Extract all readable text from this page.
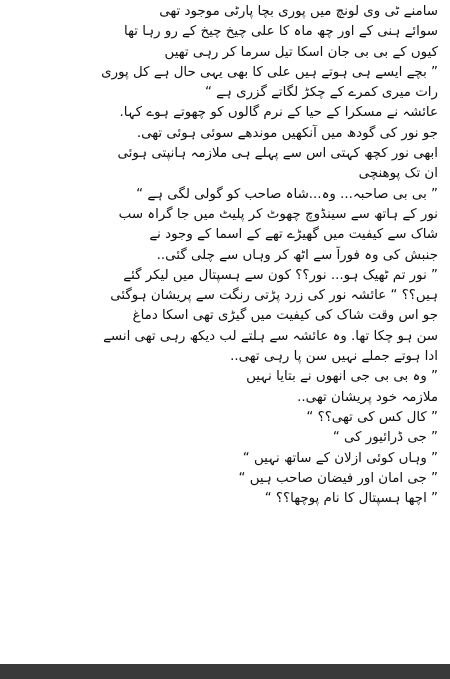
سامنے ٹی وی لونچ میں پوری بچا پارٹی موجود تھی
سوائے ہنی کے اور چھ ماہ کا علی چیخ چیخ کے رو رہا تھا
کیوں کے بی بی جان اسکا تیل سرما کر رہی تھیں
” بچے ایسے ہی ہوتے ہیں علی کا بھی یہی حال ہے کل پوری
رات میری کمرے کے چکڑ لگاتے گزری ہے “
عائشہ نے مسکرا کے حیا کے نرم گالوں کو چھوتے ہوے کہا.
جو نور کی گودھ میں آنکھیں موندھے سوئی ہوئی تھی.
ابھی نور کچھ کہتی اس سے پہلے ہی ملازمہ ہانپتی ہوئی
ان تک پوھنچی
” بی بی صاحبہ... وہ...شاہ صاحب کو گولی لگی ہے “
نور کے ہاتھ سے سینڈوچ چھوٹ کر پلیٹ میں جا گراہ سب
شاک سے کیفیت میں گھیڑے تھے کے اسما کے وجود نے
جنبش کی وہ فوراً سے اٹھ کر وہاں سے چلی گئی..
” نور تم ٹھیک ہو... نور؟؟ کون سے ہسپتال میں لیکر گئے
ہیں؟؟ “ عائشہ نور کی زرد پڑتی رنگت سے پریشان ہوگئی
جو اس وقت شاک کی کیفیت میں گیڑی تھی اسکا دماغ
سن ہو چکا تھا. وہ عائشہ سے ہلتے لب دیکھ رہی تھی انسے
ادا ہوتے جملے نہیں سن پا رہی تھی..
” وہ بی بی جی انھوں نے بتایا نہیں
ملازمہ خود پریشان تھی..
” کال کس کی تھی؟؟ “
” جی ڈرائیور کی “
” وہاں کوئی ازلان کے ساتھ نہیں “
” جی امان اور فیضان صاحب ہیں “
” اچھا ہسپتال کا نام پوچھا؟؟ “
